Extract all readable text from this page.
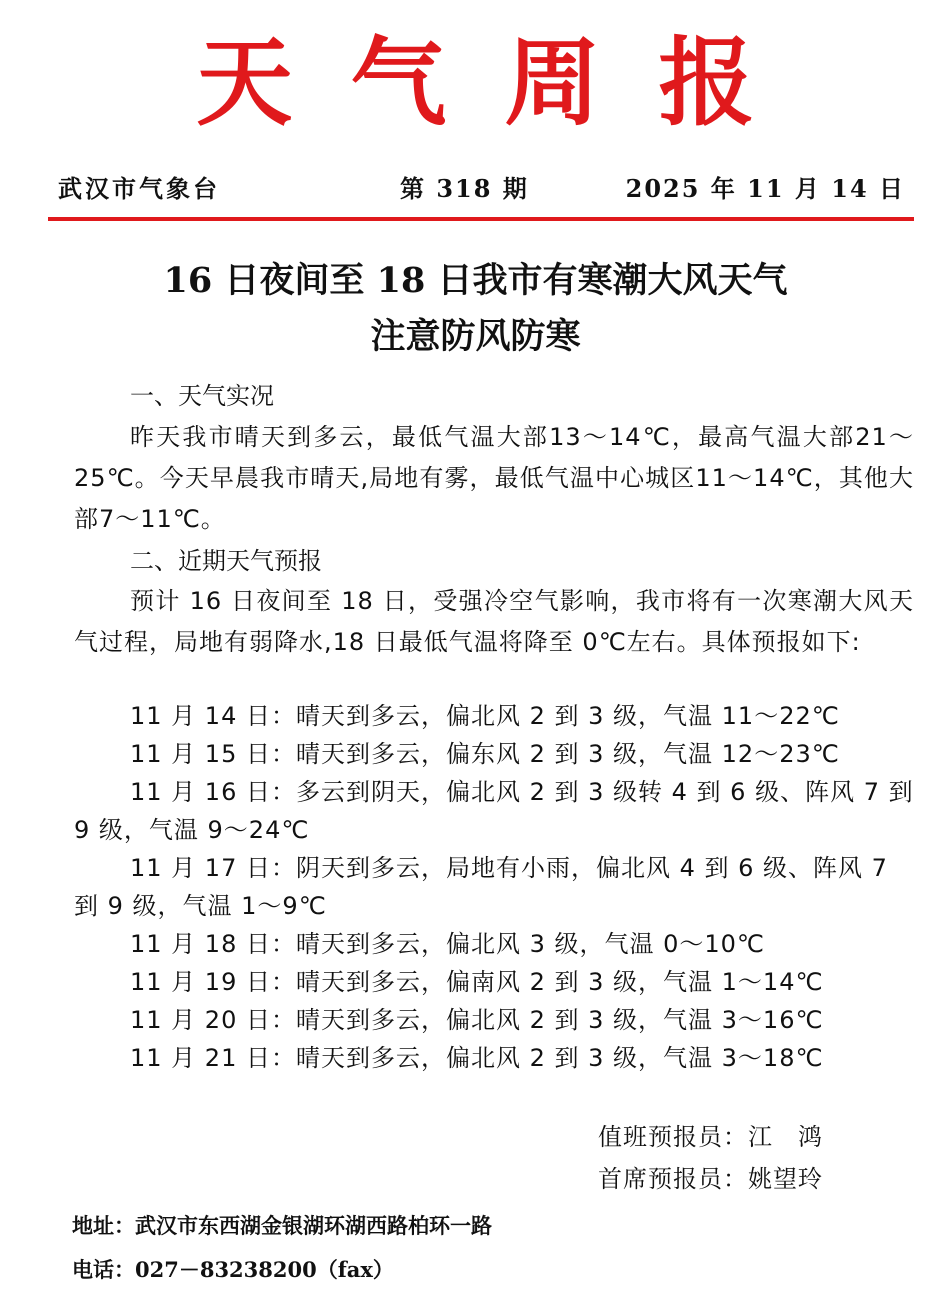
天气周报
武汉市气象台	第 318 期	2025 年 11 月 14 日
16 日夜间至 18 日我市有寒潮大风天气
注意防风防寒
一、天气实况

昨天我市晴天到多云，最低气温大部13～14℃，最高气温大部21～25℃。今天早晨我市晴天,局地有雾，最低气温中心城区11～14℃，其他大部7～11℃。

二、近期天气预报

预计 16 日夜间至 18 日，受强冷空气影响，我市将有一次寒潮大风天气过程，局地有弱降水,18 日最低气温将降至 0℃左右。具体预报如下:

11 月 14 日：晴天到多云，偏北风 2 到 3 级，气温 11～22℃

11 月 15 日：晴天到多云，偏东风 2 到 3 级，气温 12～23℃

11 月 16 日：多云到阴天，偏北风 2 到 3 级转 4 到 6 级、阵风 7 到 9 级，气温 9～24℃

11 月 17 日：阴天到多云，局地有小雨，偏北风 4 到 6 级、阵风 7 到 9 级，气温 1～9℃

11 月 18 日：晴天到多云，偏北风 3 级，气温 0～10℃

11 月 19 日：晴天到多云，偏南风 2 到 3 级，气温 1～14℃

11 月 20 日：晴天到多云，偏北风 2 到 3 级，气温 3～16℃

11 月 21 日：晴天到多云，偏北风 2 到 3 级，气温 3～18℃

值班预报员：江　鸿
首席预报员：姚望玲
地址：武汉市东西湖金银湖环湖西路柏环一路
电话：027－83238200（fax）
